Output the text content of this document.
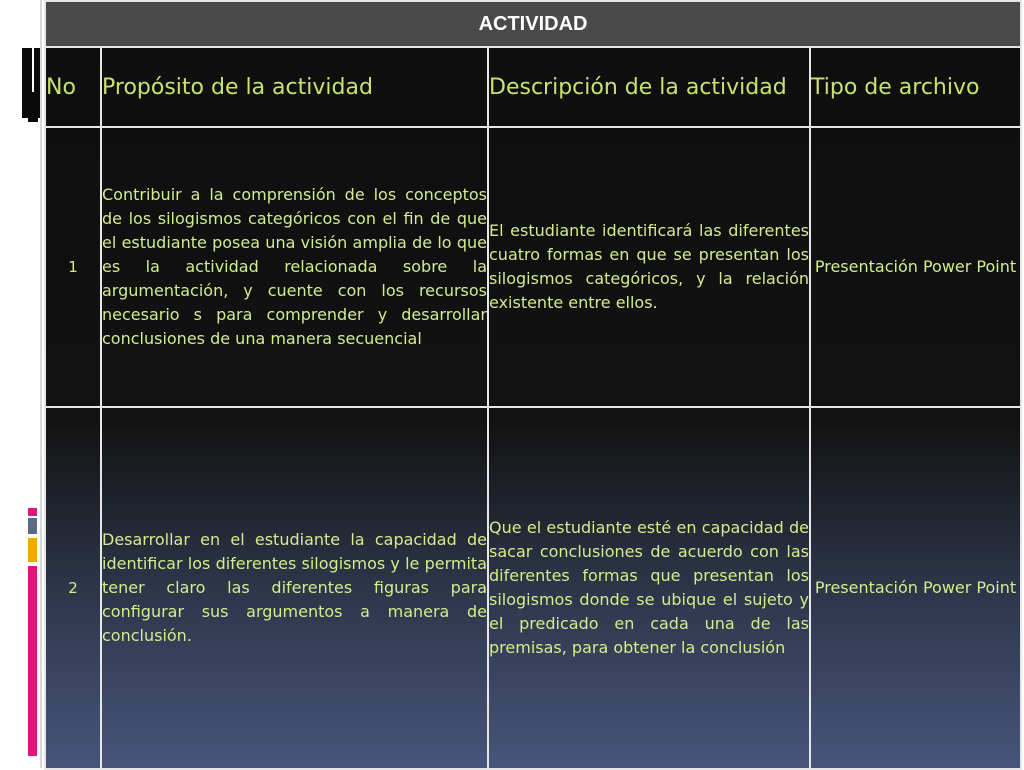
ACTIVIDAD			
No	Propósito de la actividad	Descripción de la actividad	Tipo de archivo
1	Contribuir a la comprensión de los conceptos de los silogismos categóricos con el fin de que el estudiante posea una visión amplia de lo que es la actividad relacionada sobre la argumentación, y cuente con los recursos necesario s para comprender y desarrollar conclusiones de una manera secuencial	El estudiante identificará las diferentes cuatro formas en que se presentan los silogismos categóricos, y la relación existente entre ellos.	Presentación Power Point
2	Desarrollar en el estudiante la capacidad de identificar los diferentes silogismos y le permita tener claro las diferentes figuras para configurar sus argumentos a manera de conclusión.	Que el estudiante esté en capacidad de sacar conclusiones de acuerdo con las diferentes formas que presentan los silogismos donde se ubique el sujeto y el predicado en cada una de las premisas, para obtener la conclusión	Presentación Power Point
